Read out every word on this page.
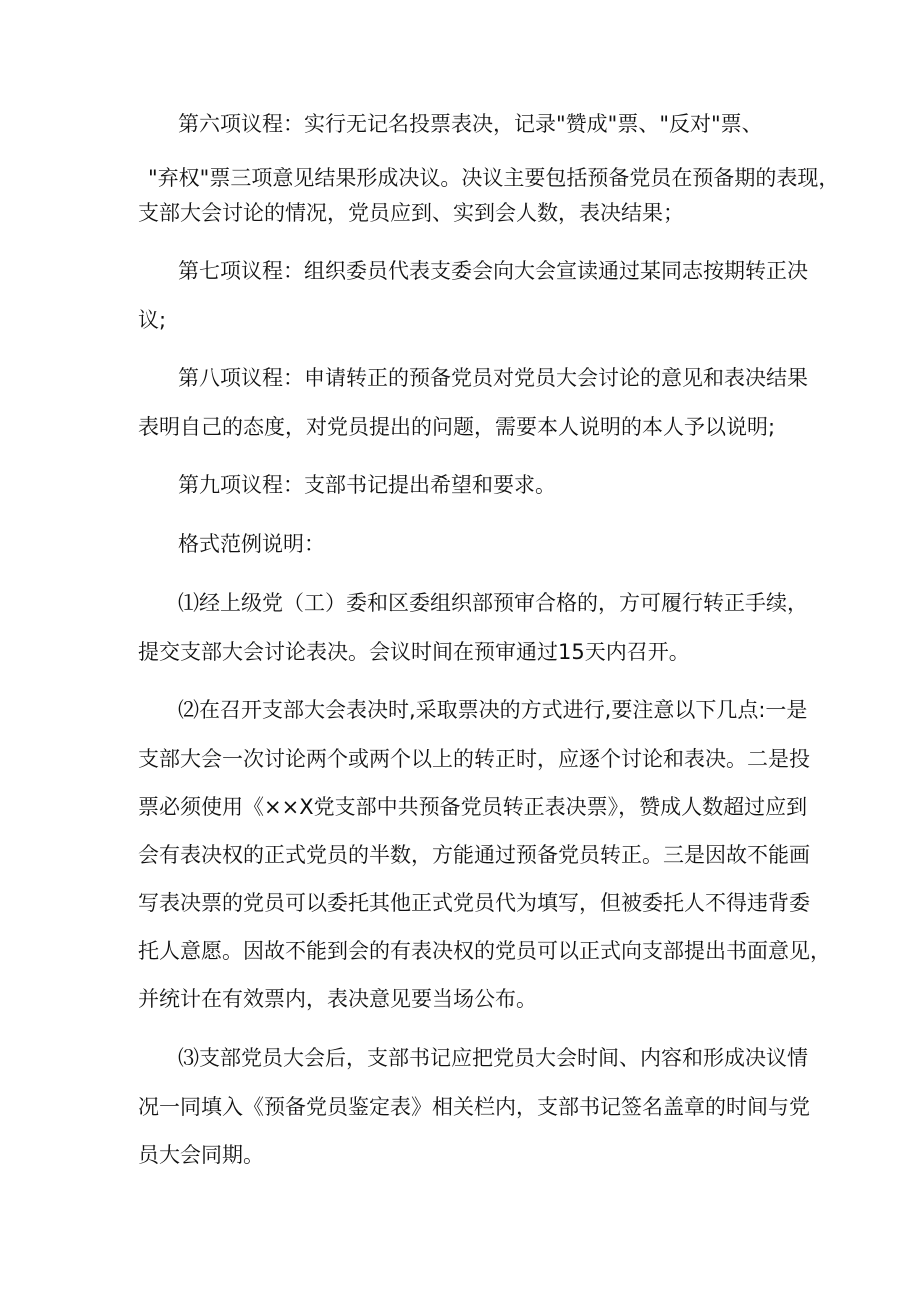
第六项议程：实行无记名投票表决，记录"赞成"票、"反对"票、
"弃权"票三项意见结果形成决议。决议主要包括预备党员在预备期的表现，
支部大会讨论的情况，党员应到、实到会人数，表决结果；
第七项议程：组织委员代表支委会向大会宣读通过某同志按期转正决
议;
第八项议程：申请转正的预备党员对党员大会讨论的意见和表决结果
表明自己的态度，对党员提出的问题，需要本人说明的本人予以说明;
第九项议程：支部书记提出希望和要求。
格式范例说明：
⑴经上级党（工）委和区委组织部预审合格的，方可履行转正手续，
提交支部大会讨论表决。会议时间在预审通过15天内召开。
⑵在召开支部大会表决时,采取票决的方式进行,要注意以下几点:一是
支部大会一次讨论两个或两个以上的转正时，应逐个讨论和表决。二是投
票必须使用《××X党支部中共预备党员转正表决票》，赞成人数超过应到
会有表决权的正式党员的半数，方能通过预备党员转正。三是因故不能画
写表决票的党员可以委托其他正式党员代为填写，但被委托人不得违背委
托人意愿。因故不能到会的有表决权的党员可以正式向支部提出书面意见，
并统计在有效票内，表决意见要当场公布。
⑶支部党员大会后，支部书记应把党员大会时间、内容和形成决议情
况一同填入《预备党员鉴定表》相关栏内，支部书记签名盖章的时间与党
员大会同期。
